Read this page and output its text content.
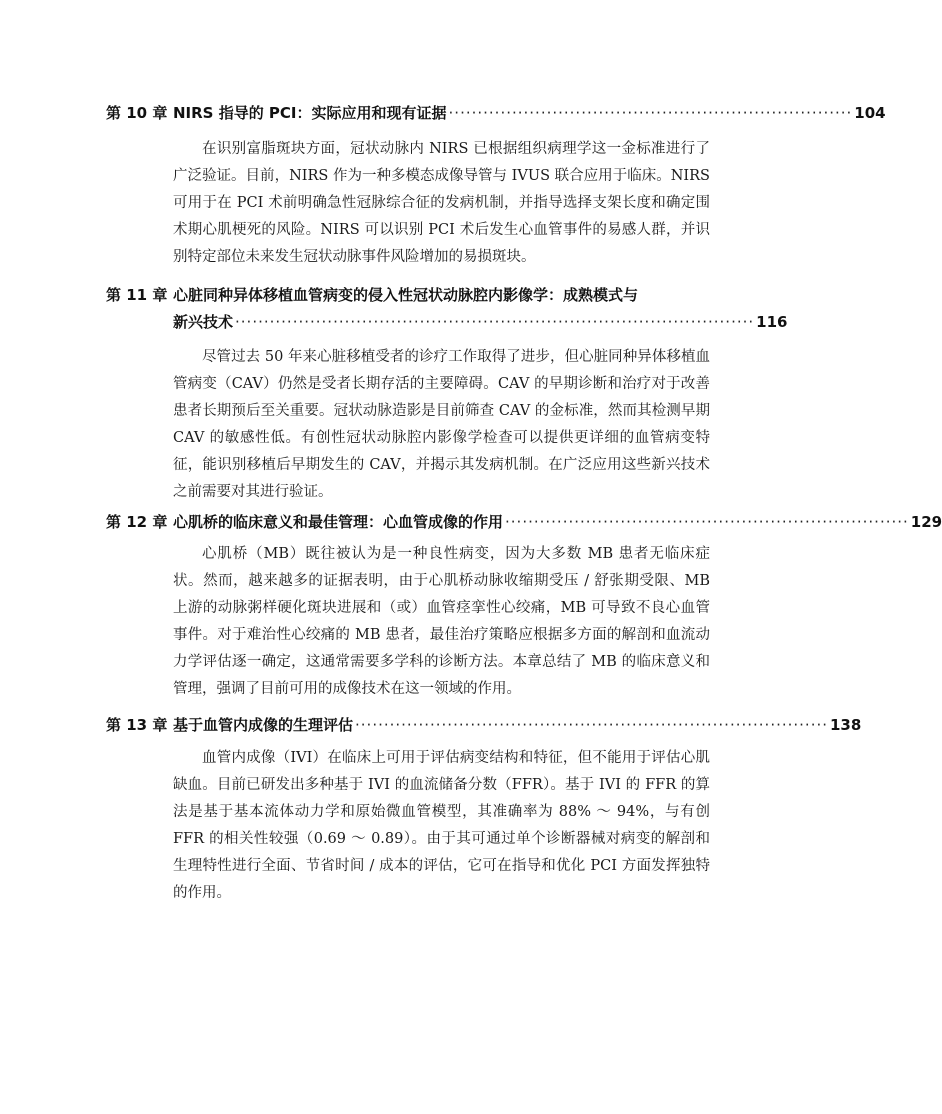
第 10 章 NIRS 指导的 PCI：实际应用和现有证据 ······································································ 104

在识别富脂斑块方面，冠状动脉内 NIRS 已根据组织病理学这一金标准进行了广泛验证。目前，NIRS 作为一种多模态成像导管与 IVUS 联合应用于临床。NIRS 可用于在 PCI 术前明确急性冠脉综合征的发病机制，并指导选择支架长度和确定围术期心肌梗死的风险。NIRS 可以识别 PCI 术后发生心血管事件的易感人群，并识别特定部位未来发生冠状动脉事件风险增加的易损斑块。

第 11 章 心脏同种异体移植血管病变的侵入性冠状动脉腔内影像学：成熟模式与
新兴技术 ·························································································· 116

尽管过去 50 年来心脏移植受者的诊疗工作取得了进步，但心脏同种异体移植血管病变（CAV）仍然是受者长期存活的主要障碍。CAV 的早期诊断和治疗对于改善患者长期预后至关重要。冠状动脉造影是目前筛查 CAV 的金标准，然而其检测早期 CAV 的敏感性低。有创性冠状动脉腔内影像学检查可以提供更详细的血管病变特征，能识别移植后早期发生的 CAV，并揭示其发病机制。在广泛应用这些新兴技术之前需要对其进行验证。

第 12 章 心肌桥的临床意义和最佳管理：心血管成像的作用 ······································································ 129

心肌桥（MB）既往被认为是一种良性病变，因为大多数 MB 患者无临床症状。然而，越来越多的证据表明，由于心肌桥动脉收缩期受压 / 舒张期受限、MB 上游的动脉粥样硬化斑块进展和（或）血管痉挛性心绞痛，MB 可导致不良心血管事件。对于难治性心绞痛的 MB 患者，最佳治疗策略应根据多方面的解剖和血流动力学评估逐一确定，这通常需要多学科的诊断方法。本章总结了 MB 的临床意义和管理，强调了目前可用的成像技术在这一领域的作用。

第 13 章 基于血管内成像的生理评估 ·················································································· 138

血管内成像（IVI）在临床上可用于评估病变结构和特征，但不能用于评估心肌缺血。目前已研发出多种基于 IVI 的血流储备分数（FFR）。基于 IVI 的 FFR 的算法是基于基本流体动力学和原始微血管模型，其准确率为 88% ～ 94%，与有创 FFR 的相关性较强（0.69 ～ 0.89）。由于其可通过单个诊断器械对病变的解剖和生理特性进行全面、节省时间 / 成本的评估，它可在指导和优化 PCI 方面发挥独特的作用。
